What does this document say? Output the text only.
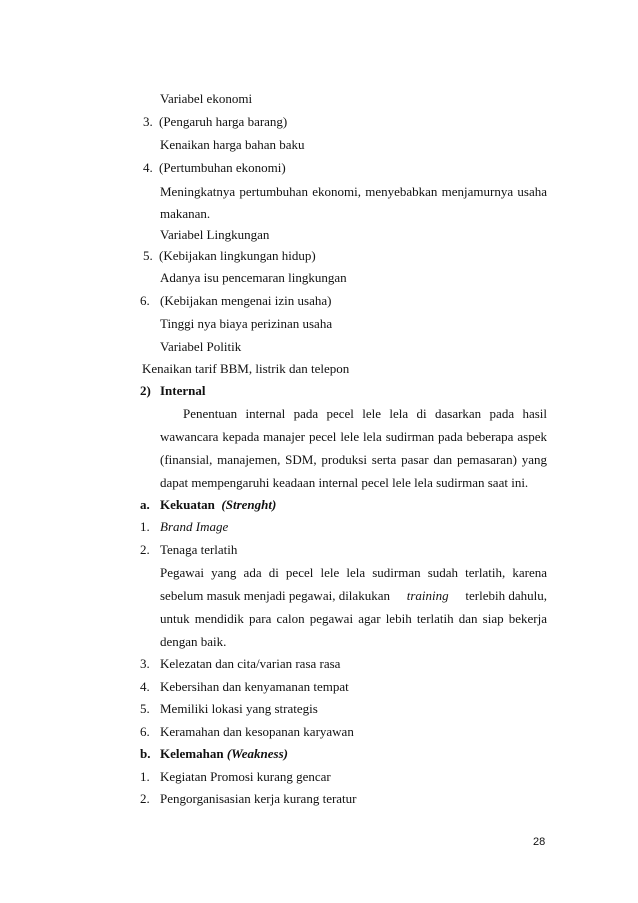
Variabel ekonomi
3. (Pengaruh harga barang)
Kenaikan harga bahan baku
4. (Pertumbuhan ekonomi)
Meningkatnya pertumbuhan ekonomi, menyebabkan menjamurnya usaha
makanan.
Variabel Lingkungan
5. (Kebijakan lingkungan hidup)
Adanya isu pencemaran lingkungan
6. (Kebijakan mengenai izin usaha)
Tinggi nya biaya perizinan usaha
Variabel Politik
Kenaikan tarif BBM, listrik dan telepon
2) Internal
Penentuan internal pada pecel lele lela di dasarkan pada hasil
wawancara kepada manajer pecel lele lela sudirman pada beberapa aspek
(finansial, manajemen, SDM, produksi serta pasar dan pemasaran) yang
dapat mempengaruhi keadaan internal pecel lele lela sudirman saat ini.
a. Kekuatan (Strenght)
1. Brand Image
2. Tenaga terlatih
Pegawai yang ada di pecel lele lela sudirman sudah terlatih, karena
sebelum masuk menjadi pegawai, dilakukan training terlebih dahulu,
untuk mendidik para calon pegawai agar lebih terlatih dan siap bekerja
dengan baik.
3. Kelezatan dan cita/varian rasa rasa
4. Kebersihan dan kenyamanan tempat
5. Memiliki lokasi yang strategis
6. Keramahan dan kesopanan karyawan
b. Kelemahan (Weakness)
1. Kegiatan Promosi kurang gencar
2. Pengorganisasian kerja kurang teratur
28
